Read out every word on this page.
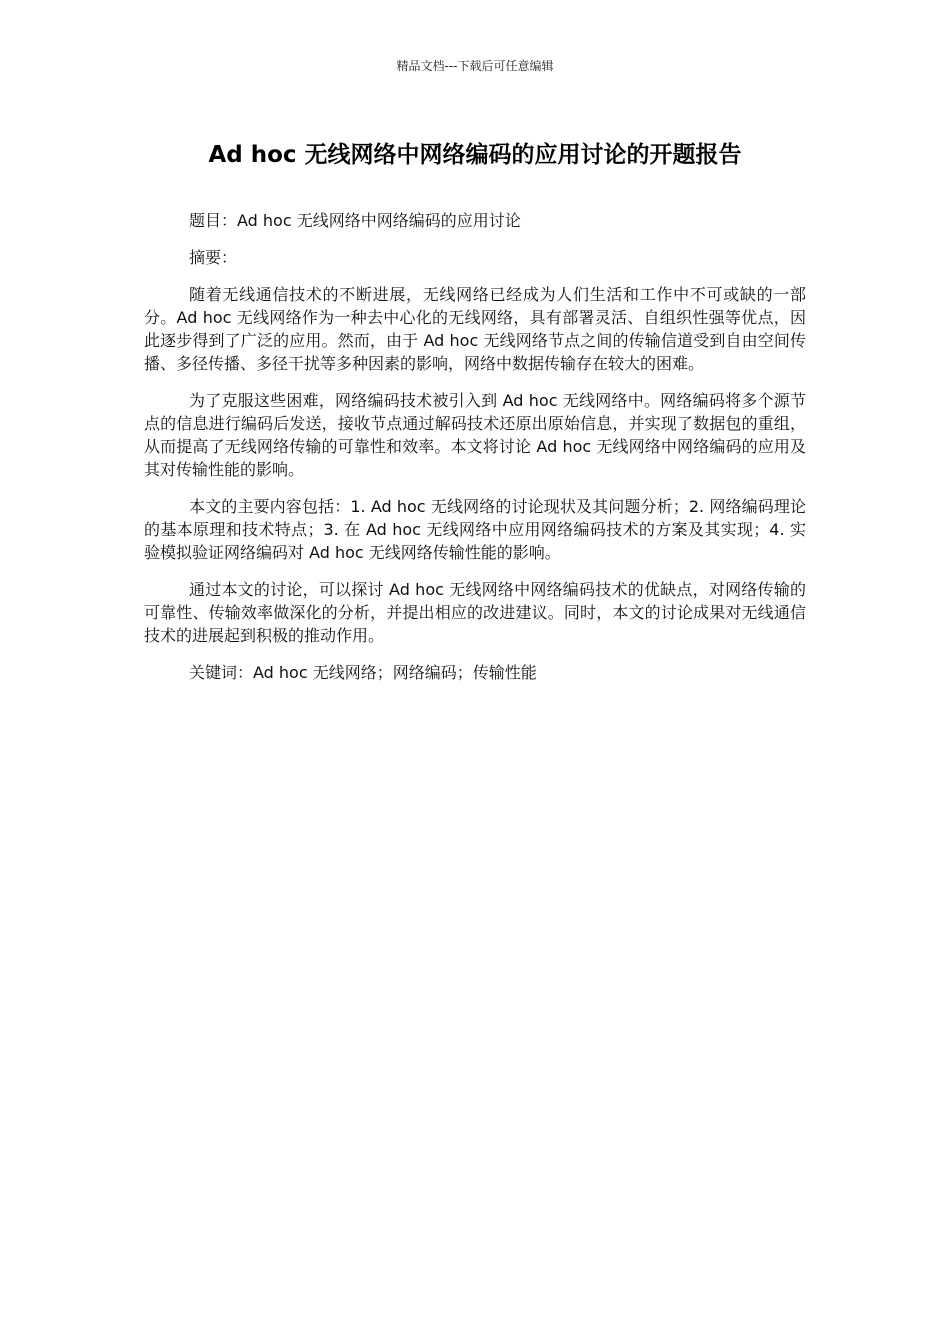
精品文档---下载后可任意编辑
Ad hoc 无线网络中网络编码的应用讨论的开题报告

题目：Ad hoc 无线网络中网络编码的应用讨论

摘要：

随着无线通信技术的不断进展，无线网络已经成为人们生活和工作中不可或缺的一部分。Ad hoc 无线网络作为一种去中心化的无线网络，具有部署灵活、自组织性强等优点，因此逐步得到了广泛的应用。然而，由于 Ad hoc 无线网络节点之间的传输信道受到自由空间传播、多径传播、多径干扰等多种因素的影响，网络中数据传输存在较大的困难。

为了克服这些困难，网络编码技术被引入到 Ad hoc 无线网络中。网络编码将多个源节点的信息进行编码后发送，接收节点通过解码技术还原出原始信息，并实现了数据包的重组，从而提高了无线网络传输的可靠性和效率。本文将讨论 Ad hoc 无线网络中网络编码的应用及其对传输性能的影响。

本文的主要内容包括：1. Ad hoc 无线网络的讨论现状及其问题分析；2. 网络编码理论的基本原理和技术特点；3. 在 Ad hoc 无线网络中应用网络编码技术的方案及其实现；4. 实验模拟验证网络编码对 Ad hoc 无线网络传输性能的影响。

通过本文的讨论，可以探讨 Ad hoc 无线网络中网络编码技术的优缺点，对网络传输的可靠性、传输效率做深化的分析，并提出相应的改进建议。同时，本文的讨论成果对无线通信技术的进展起到积极的推动作用。

关键词：Ad hoc 无线网络；网络编码；传输性能
